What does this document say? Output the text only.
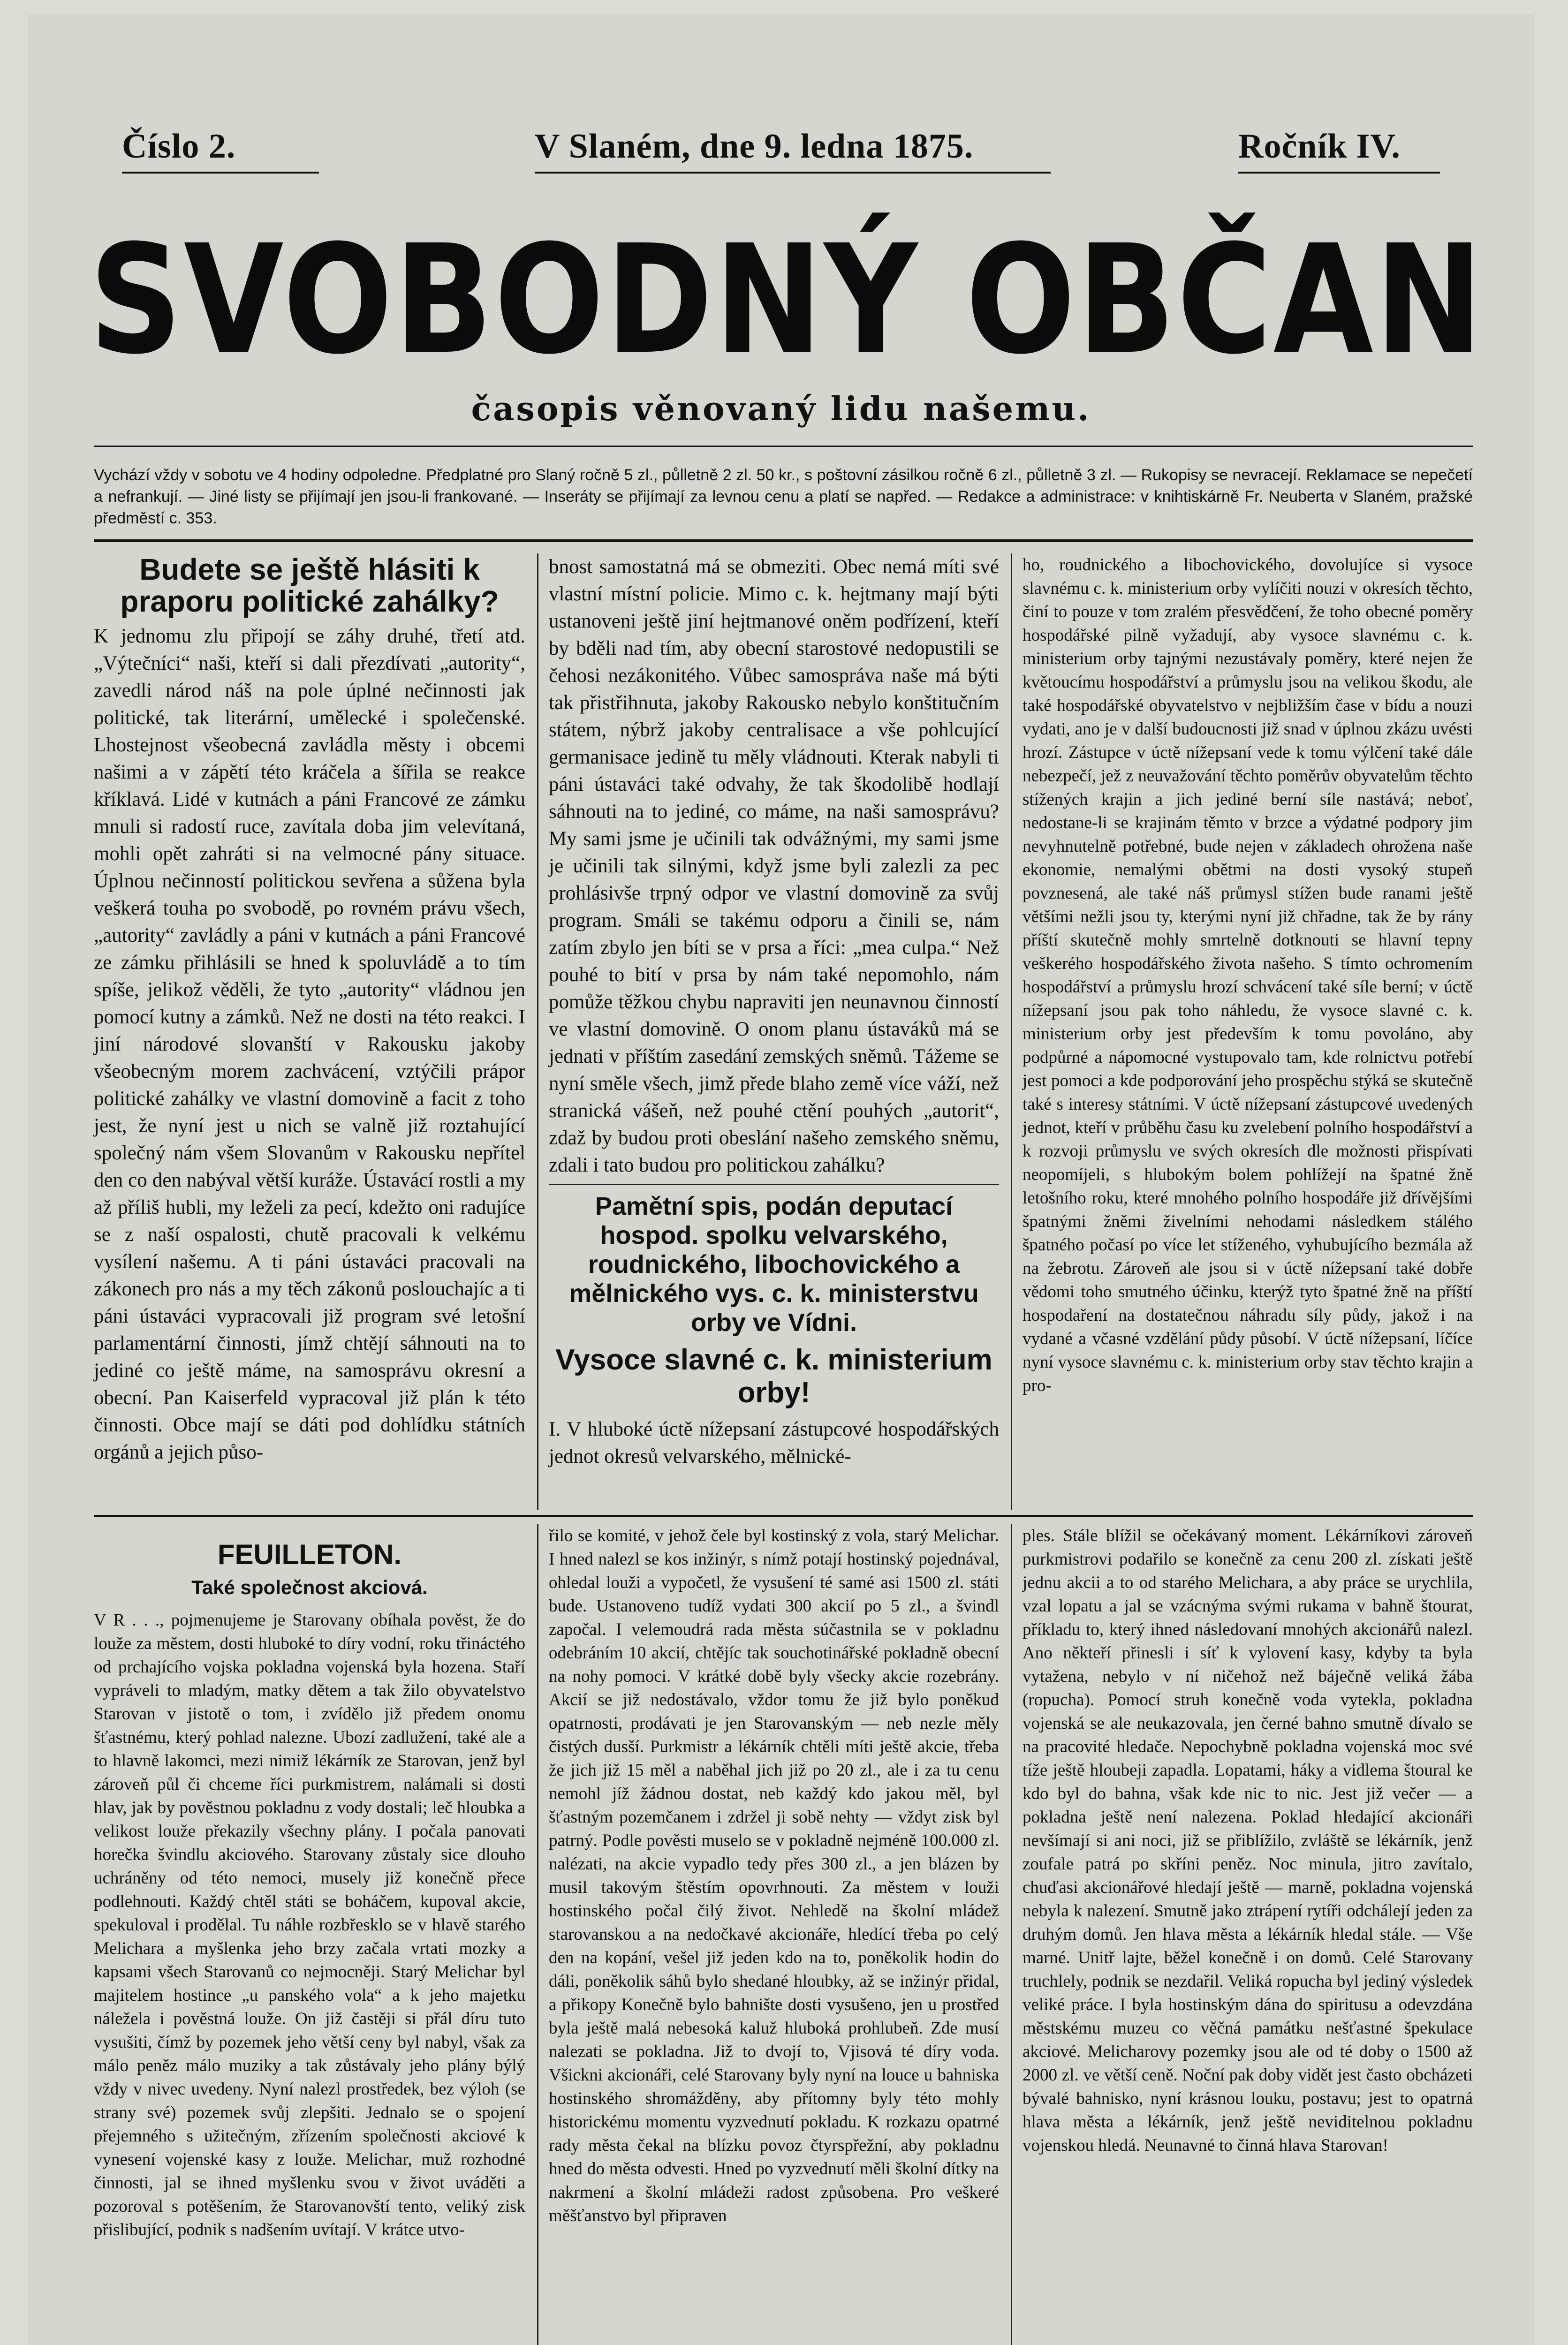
Číslo 2.	V Slaném, dne 9. ledna 1875.	Ročník IV.
SVOBODNÝ OBČAN
časopis věnovaný lidu našemu.
Vychází vždy v sobotu ve 4 hodiny odpoledne. Předplatné pro Slaný ročně 5 zl., půlletně 2 zl. 50 kr., s poštovní zásilkou ročně 6 zl., půlletně 3 zl. — Rukopisy se nevracejí. Reklamace se nepečetí a nefrankují. — Jiné listy se přijímají jen jsou-li frankované. — Inseráty se přijímají za levnou cenu a platí se napřed. — Redakce a administrace: v knihtiskárně Fr. Neuberta v Slaném, pražské předměstí c. 353.
Budete se ještě hlásiti k praporu politické zahálky?

K jednomu zlu připojí se záhy druhé, třetí atd. „Výtečníci“ naši, kteří si dali přezdívati „autority“, zavedli národ náš na pole úplné nečinnosti jak politické, tak literární, umělecké i společenské. Lhostejnost všeobecná zavládla městy i obcemi našimi a v zápětí této kráčela a šířila se reakce kříklavá. Lidé v kutnách a páni Francové ze zámku mnuli si radostí ruce, zavítala doba jim velevítaná, mohli opět zahráti si na velmocné pány situace. Úplnou nečinností politickou sevřena a sůžena byla veškerá touha po svobodě, po rovném právu všech, „autority“ zavládly a páni v kutnách a páni Francové ze zámku přihlásili se hned k spoluvládě a to tím spíše, jelikož věděli, že tyto „autority“ vládnou jen pomocí kutny a zámků. Než ne dosti na této reakci. I jiní národové slovanští v Rakousku jakoby všeobecným morem zachvácení, vztýčili prápor politické zahálky ve vlastní domovině a facit z toho jest, že nyní jest u nich se valně již roztahující společný nám všem Slovanům v Rakousku nepřítel den co den nabýval větší kuráže. Ústavácí rostli a my až příliš hubli, my leželi za pecí, kdežto oni radujíce se z naší ospalosti, chutě pracovali k velkému vysílení našemu. A ti páni ústaváci pracovali na zákonech pro nás a my těch zákonů poslouchajíc a ti páni ústaváci vypracovali již program své letošní parlamentární činnosti, jímž chtějí sáhnouti na to jediné co ještě máme, na samosprávu okresní a obecní. Pan Kaiserfeld vypracoval již plán k této činnosti. Obce mají se dáti pod dohlídku státních orgánů a jejich půso-

bnost samostatná má se obmeziti. Obec nemá míti své vlastní místní policie. Mimo c. k. hejtmany mají býti ustanoveni ještě jiní hejtmanové oněm podřízení, kteří by bděli nad tím, aby obecní starostové nedopustili se čehosi nezákonitého. Vůbec samospráva naše má býti tak přistřihnuta, jakoby Rakousko nebylo konštitučním státem, nýbrž jakoby centralisace a vše pohlcující germanisace jedině tu měly vládnouti. Kterak nabyli ti páni ústaváci také odvahy, že tak škodolibě hodlají sáhnouti na to jediné, co máme, na naši samosprávu? My sami jsme je učinili tak odvážnými, my sami jsme je učinili tak silnými, když jsme byli zalezli za pec prohlásivše trpný odpor ve vlastní domovině za svůj program. Smáli se takému odporu a činili se, nám zatím zbylo jen bíti se v prsa a říci: „mea culpa.“ Než pouhé to bití v prsa by nám také nepomohlo, nám pomůže těžkou chybu napraviti jen neunavnou činností ve vlastní domovině. O onom planu ústaváků má se jednati v příštím zasedání zemských sněmů. Tážeme se nyní směle všech, jimž přede blaho země více váží, než stranická vášeň, než pouhé ctění pouhých „autorit“, zdaž by budou proti obeslání našeho zemského sněmu, zdali i tato budou pro politickou zahálku?

Pamětní spis, podán deputací hospod. spolku velvarského, roudnického, libochovického a mělnického vys. c. k. ministerstvu orby ve Vídni.
Vysoce slavné c. k. ministerium orby!

I. V hluboké úctě nížepsaní zástupcové hospodářských jednot okresů velvarského, mělnické-

ho, roudnického a libochovického, dovolujíce si vysoce slavnému c. k. ministerium orby vylíčiti nouzi v okresích těchto, činí to pouze v tom zralém přesvědčení, že toho obecné poměry hospodářské pilně vyžadují, aby vysoce slavnému c. k. ministerium orby tajnými nezustávaly poměry, které nejen že květoucímu hospodářství a průmyslu jsou na velikou škodu, ale také hospodářské obyvatelstvo v nejbližším čase v bídu a nouzi vydati, ano je v další budoucnosti již snad v úplnou zkázu uvésti hrozí. Zástupce v úctě nížepsaní vede k tomu výlčení také dále nebezpečí, jež z neuvažování těchto poměrův obyvatelům těchto stížených krajin a jich jediné berní síle nastává; neboť, nedostane-li se krajinám těmto v brzce a výdatné podpory jim nevyhnutelně potřebné, bude nejen v základech ohrožena naše ekonomie, nemalými obětmi na dosti vysoký stupeň povznesená, ale také náš průmysl stížen bude ranami ještě většími nežli jsou ty, kterými nyní již chřadne, tak že by rány příští skutečně mohly smrtelně dotknouti se hlavní tepny veškerého hospodářského života našeho. S tímto ochromením hospodářství a průmyslu hrozí schvácení také síle berní; v úctě nížepsaní jsou pak toho náhledu, že vysoce slavné c. k. ministerium orby jest především k tomu povoláno, aby podpůrné a nápomocné vystupovalo tam, kde rolnictvu potřebí jest pomoci a kde podporování jeho prospěchu stýká se skutečně také s interesy státními. V úctě nížepsaní zástupcové uvedených jednot, kteří v průběhu času ku zvelebení polního hospodářství a k rozvoji průmyslu ve svých okresích dle možnosti přispívati neopomíjeli, s hlubokým bolem pohlížejí na špatné žně letošního roku, které mnohého polního hospodáře již dřívějšími špatnými žněmi živelními nehodami následkem stálého špatného počasí po více let stíženého, vyhubujícího bezmála až na žebrotu. Zároveň ale jsou si v úctě nížepsaní také dobře vědomi toho smutného účinku, kterýž tyto špatné žně na příští hospodaření na dostatečnou náhradu síly půdy, jakož i na vydané a včasné vzdělání půdy působí. V úctě nížepsaní, líčíce nyní vysoce slavnému c. k. ministerium orby stav těchto krajin a pro-

FEUILLETON.
Také společnost akciová.

V R . . ., pojmenujeme je Starovany obíhala pověst, že do louže za městem, dosti hluboké to díry vodní, roku třináctého od prchajícího vojska pokladna vojenská byla hozena. Staří vypráveli to mladým, matky dětem a tak žilo obyvatelstvo Starovan v jistotě o tom, i zvídělo již předem onomu šťastnému, který pohlad nalezne. Ubozí zadlužení, také ale a to hlavně lakomci, mezi nimiž lékárník ze Starovan, jenž byl zároveň půl či chceme říci purkmistrem, nalámali si dosti hlav, jak by pověstnou pokladnu z vody dostali; leč hloubka a velikost louže překazily všechny plány. I počala panovati horečka švindlu akciového. Starovany zůstaly sice dlouho uchráněny od této nemoci, musely již konečně přece podlehnouti. Každý chtěl státi se boháčem, kupoval akcie, spekuloval i prodělal. Tu náhle rozbřesklo se v hlavě starého Melichara a myšlenka jeho brzy začala vrtati mozky a kapsami všech Starovanů co nejmocněji. Starý Melichar byl majitelem hostince „u panského vola“ a k jeho majetku náležela i pověstná louže. On již častěji si přál díru tuto vysušiti, čímž by pozemek jeho větší ceny byl nabyl, však za málo peněz málo muziky a tak zůstávaly jeho plány býlý vždy v nivec uvedeny. Nyní nalezl prostředek, bez výloh (se strany své) pozemek svůj zlepšiti. Jednalo se o spojení přejemného s užitečným, zřízením společnosti akciové k vynesení vojenské kasy z louže. Melichar, muž rozhodné činnosti, jal se ihned myšlenku svou v život uváděti a pozoroval s potěšením, že Starovanovští tento, veliký zisk přislibující, podnik s nadšením uvítají. V krátce utvo-

řilo se komité, v jehož čele byl kostinský z vola, starý Melichar. I hned nalezl se kos inžinýr, s nímž potají hostinský pojednával, ohledal louži a vypočetl, že vysušení té samé asi 1500 zl. státi bude. Ustanoveno tudíž vydati 300 akcií po 5 zl., a švindl započal. I velemoudrá rada města súčastnila se v pokladnu odebráním 10 akcií, chtějíc tak souchotinářské pokladně obecní na nohy pomoci. V krátké době byly všecky akcie rozebrány. Akcií se již nedostávalo, vždor tomu že již bylo poněkud opatrnosti, prodávati je jen Starovanským — neb nezle měly čistých dusší. Purkmistr a lékárník chtěli míti ještě akcie, třeba že jich již 15 měl a naběhal jich již po 20 zl., ale i za tu cenu nemohl jíž žádnou dostat, neb každý kdo jakou měl, byl šťastným pozemčanem i zdržel ji sobě nehty — vždyt zisk byl patrný. Podle pověsti muselo se v pokladně nejméně 100.000 zl. nalézati, na akcie vypadlo tedy přes 300 zl., a jen blázen by musil takovým štěstím opovrhnouti. Za městem v louži hostinského počal čilý život. Nehledě na školní mládež starovanskou a na nedočkavé akcionáře, hledící třeba po celý den na kopání, vešel již jeden kdo na to, poněkolik hodin do dáli, poněkolik sáhů bylo shedané hloubky, až se inžinýr přidal, a přikopy Konečně bylo bahnište dosti vysušeno, jen u prostřed byla ještě malá nebesoká kaluž hluboká prohlubeň. Zde musí nalezati se pokladna. Již to dvojí to, Vjisová té díry voda. Všickni akcionáři, celé Starovany byly nyní na louce u bahniska hostinského shromážděny, aby přítomny byly této mohly historickému momentu vyzvednutí pokladu. K rozkazu opatrné rady města čekal na blízku povoz čtyrspřežní, aby pokladnu hned do města odvesti. Hned po vyzvednutí měli školní dítky na nakrmení a školní mládeži radost způsobena. Pro veškeré měšťanstvo byl připraven

ples. Stále blížil se očekávaný moment. Lékárníkovi zároveň purkmistrovi podařilo se konečně za cenu 200 zl. získati ještě jednu akcii a to od starého Melichara, a aby práce se urychlila, vzal lopatu a jal se vzácnýma svými rukama v bahně štourat, příkladu to, který ihned následovaní mnohých akcionářů nalezl. Ano někteří přinesli i síť k vylovení kasy, kdyby ta byla vytažena, nebylo v ní ničehož než báječně veliká žába (ropucha). Pomocí struh konečně voda vytekla, pokladna vojenská se ale neukazovala, jen černé bahno smutně dívalo se na pracovité hledače. Nepochybně pokladna vojenská moc své tíže ještě hloubeji zapadla. Lopatami, háky a vidlema štoural ke kdo byl do bahna, však kde nic to nic. Jest již večer — a pokladna ještě není nalezena. Poklad hledající akcionáři nevšímají si ani noci, již se přiblížilo, zvláště se lékárník, jenž zoufale patrá po skříni peněz. Noc minula, jitro zavítalo, chuďasi akcionářové hledají ještě — marně, pokladna vojenská nebyla k nalezení. Smutně jako ztrápení rytíři odchálejí jeden za druhým domů. Jen hlava města a lékárník hledal stále. — Vše marné. Unitř lajte, běžel konečně i on domů. Celé Starovany truchlely, podnik se nezdařil. Veliká ropucha byl jediný výsledek veliké práce. I byla hostinským dána do spiritusu a odevzdána městskému muzeu co věčná památku nešťastné špekulace akciové. Melicharovy pozemky jsou ale od té doby o 1500 až 2000 zl. ve větší ceně. Noční pak doby vidět jest často obcházeti bývalé bahnisko, nyní krásnou louku, postavu; jest to opatrná hlava města a lékárník, jenž ještě neviditelnou pokladnu vojenskou hledá. Neunavné to činná hlava Starovan!
